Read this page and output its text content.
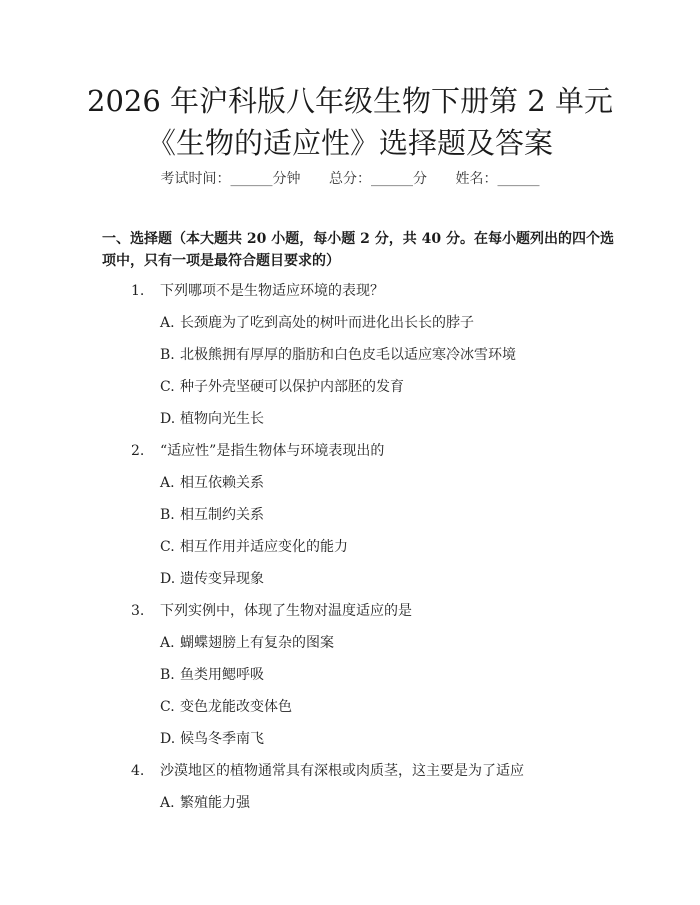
2026 年沪科版八年级生物下册第 2 单元《生物的适应性》选择题及答案
考试时间：______分钟 总分：______分 姓名：______

一、选择题（本大题共 20 小题，每小题 2 分，共 40 分。在每小题列出的四个选项中，只有一项是最符合题目要求的）

1. 下列哪项不是生物适应环境的表现？
A. 长颈鹿为了吃到高处的树叶而进化出长长的脖子
B. 北极熊拥有厚厚的脂肪和白色皮毛以适应寒冷冰雪环境
C. 种子外壳坚硬可以保护内部胚的发育
D. 植物向光生长
2. “适应性”是指生物体与环境表现出的
A. 相互依赖关系
B. 相互制约关系
C. 相互作用并适应变化的能力
D. 遗传变异现象
3. 下列实例中，体现了生物对温度适应的是
A. 蝴蝶翅膀上有复杂的图案
B. 鱼类用鳃呼吸
C. 变色龙能改变体色
D. 候鸟冬季南飞
4. 沙漠地区的植物通常具有深根或肉质茎，这主要是为了适应
A. 繁殖能力强
